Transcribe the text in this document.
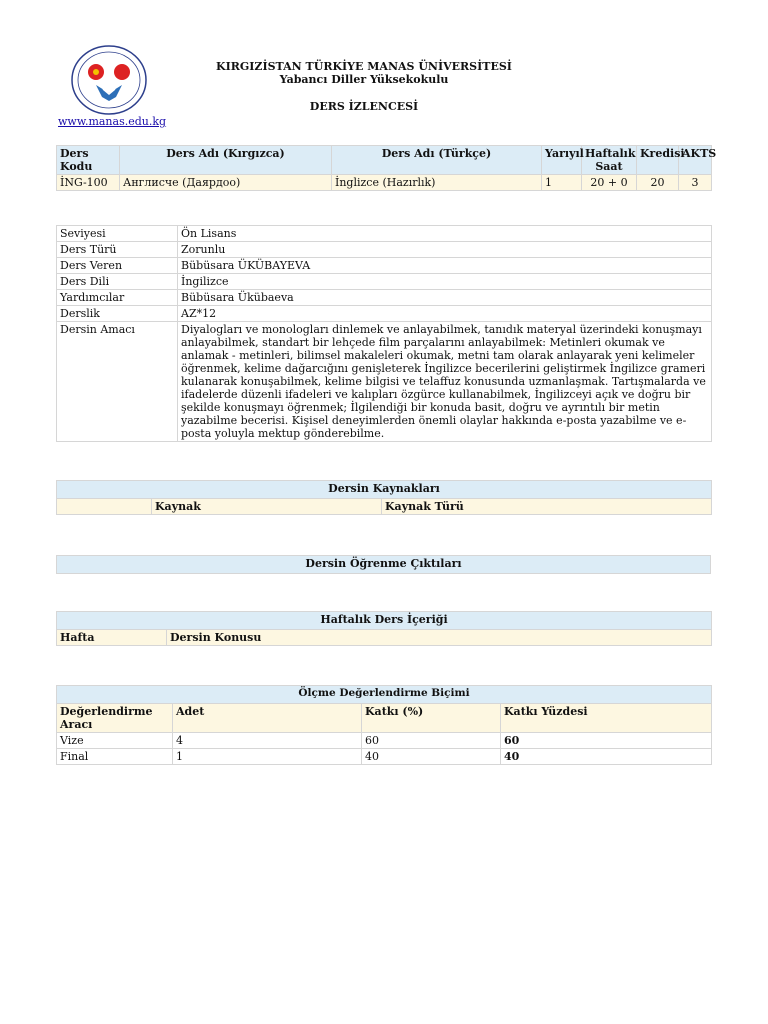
KIRGIZİSTAN TÜRKİYE MANAS ÜNİVERSİTESİ
Yabancı Diller Yüksekokulu
DERS İZLENCESİ
www.manas.edu.kg
Ders Kodu	Ders Adı (Kırgızca)	Ders Adı (Türkçe)	Yarıyıl	Haftalık Saat	Kredisi	AKTS
İNG-100	Англисче (Даярдоо)	İnglizce (Hazırlık)	1	20 + 0	20	3
Seviyesi	Ön Lisans
Ders Türü	Zorunlu
Ders Veren	Bübüsara ÜKÜBAYEVA
Ders Dili	İngilizce
Yardımcılar	Bübüsara Ükübaeva
Derslik	AZ*12
Dersin Amacı	Diyalogları ve monologları dinlemek ve anlayabilmek, tanıdık materyal üzerindeki konuşmayı anlayabilmek, standart bir lehçede film parçalarını anlayabilmek: Metinleri okumak ve anlamak - metinleri, bilimsel makaleleri okumak, metni tam olarak anlayarak yeni kelimeler öğrenmek, kelime dağarcığını genişleterek İngilizce becerilerini geliştirmek İngilizce grameri kulanarak konuşabilmek, kelime bilgisi ve telaffuz konusunda uzmanlaşmak. Tartışmalarda ve ifadelerde düzenli ifadeleri ve kalıpları özgürce kullanabilmek, İngilizceyi açık ve doğru bir şekilde konuşmayı öğrenmek; İlgilendiği bir konuda basit, doğru ve ayrıntılı bir metin yazabilme becerisi. Kişisel deneyimlerden önemli olaylar hakkında e-posta yazabilme ve e-posta yoluyla mektup gönderebilme.
Dersin Kaynakları
	Kaynak	Kaynak Türü
Dersin Öğrenme Çıktıları
Haftalık Ders İçeriği
Hafta	Dersin Konusu
Ölçme Değerlendirme Biçimi			
Değerlendirme Aracı	Adet	Katkı (%)	Katkı Yüzdesi
Vize	4	60	60
Final	1	40	40
